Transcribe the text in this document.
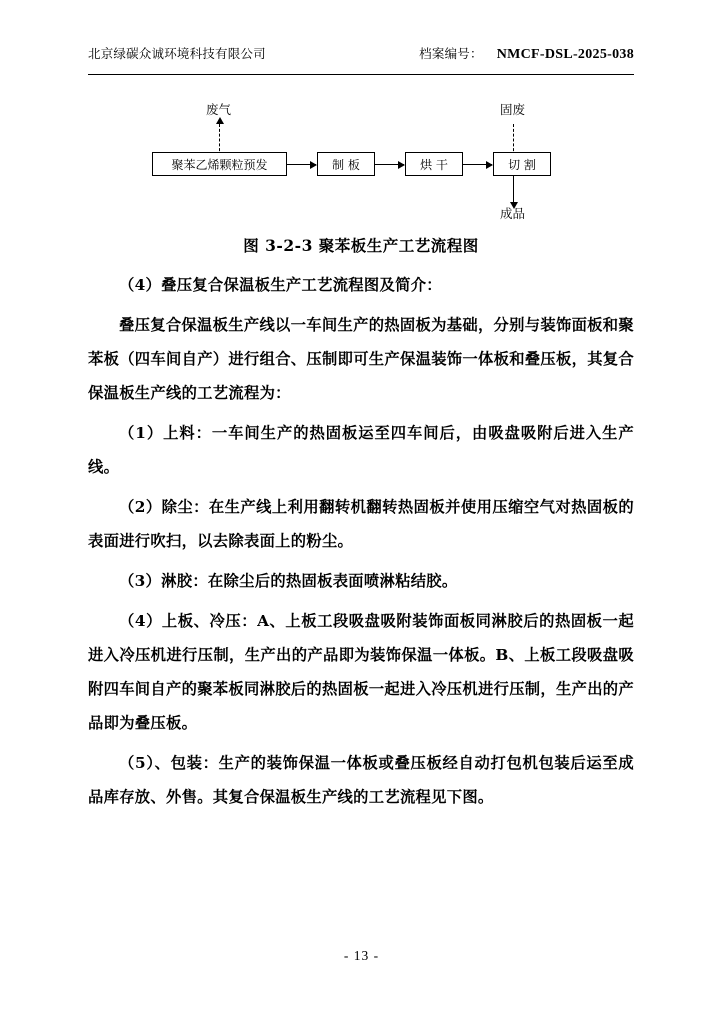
北京绿碳众诚环境科技有限公司	档案编号： NMCF-DSL-2025-038
废气	固废
成品
聚苯乙烯颗粒预发	制 板	烘 干	切 割
图 3-2-3 聚苯板生产工艺流程图

（4）叠压复合保温板生产工艺流程图及简介：

叠压复合保温板生产线以一车间生产的热固板为基础，分别与装饰面板和聚苯板（四车间自产）进行组合、压制即可生产保温装饰一体板和叠压板，其复合保温板生产线的工艺流程为：

（1）上料：一车间生产的热固板运至四车间后，由吸盘吸附后进入生产线。

（2）除尘：在生产线上利用翻转机翻转热固板并使用压缩空气对热固板的表面进行吹扫，以去除表面上的粉尘。

（3）淋胶：在除尘后的热固板表面喷淋粘结胶。

（4）上板、冷压：A、上板工段吸盘吸附装饰面板同淋胶后的热固板一起进入冷压机进行压制，生产出的产品即为装饰保温一体板。B、上板工段吸盘吸附四车间自产的聚苯板同淋胶后的热固板一起进入冷压机进行压制，生产出的产品即为叠压板。

（5）、包装：生产的装饰保温一体板或叠压板经自动打包机包装后运至成品库存放、外售。其复合保温板生产线的工艺流程见下图。

- 13 -
